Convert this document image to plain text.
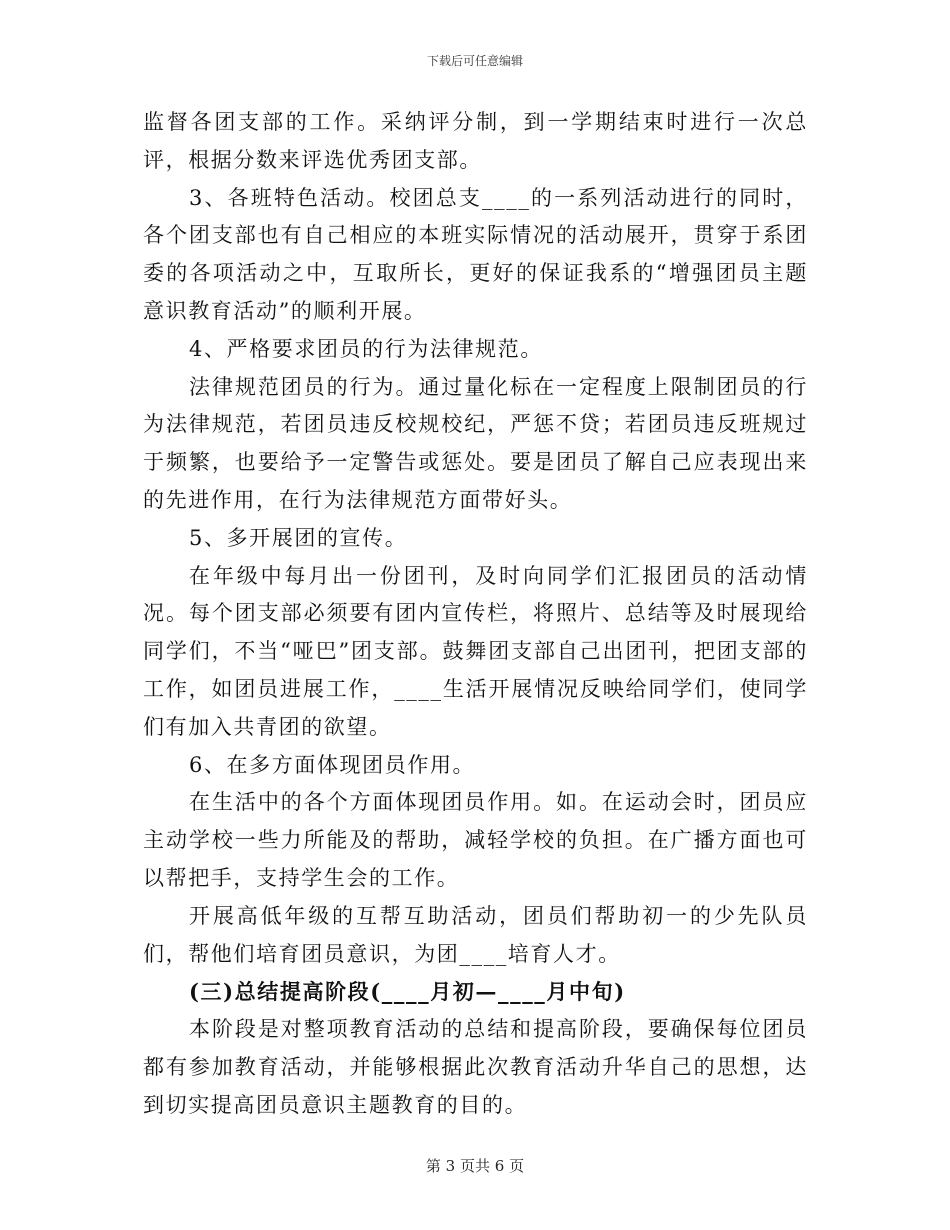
下载后可任意编辑

监督各团支部的工作。采纳评分制，到一学期结束时进行一次总评，根据分数来评选优秀团支部。

3、各班特色活动。校团总支____的一系列活动进行的同时，各个团支部也有自己相应的本班实际情况的活动展开，贯穿于系团委的各项活动之中，互取所长，更好的保证我系的“增强团员主题意识教育活动”的顺利开展。

4、严格要求团员的行为法律规范。

法律规范团员的行为。通过量化标在一定程度上限制团员的行为法律规范，若团员违反校规校纪，严惩不贷；若团员违反班规过于频繁，也要给予一定警告或惩处。要是团员了解自己应表现出来的先进作用，在行为法律规范方面带好头。

5、多开展团的宣传。

在年级中每月出一份团刊，及时向同学们汇报团员的活动情况。每个团支部必须要有团内宣传栏，将照片、总结等及时展现给同学们，不当“哑巴”团支部。鼓舞团支部自己出团刊，把团支部的工作，如团员进展工作，____生活开展情况反映给同学们，使同学们有加入共青团的欲望。

6、在多方面体现团员作用。

在生活中的各个方面体现团员作用。如。在运动会时，团员应主动学校一些力所能及的帮助，减轻学校的负担。在广播方面也可以帮把手，支持学生会的工作。

开展高低年级的互帮互助活动，团员们帮助初一的少先队员们，帮他们培育团员意识，为团____培育人才。

(三)总结提高阶段(____月初—____月中旬)

本阶段是对整项教育活动的总结和提高阶段，要确保每位团员都有参加教育活动，并能够根据此次教育活动升华自己的思想，达到切实提高团员意识主题教育的目的。

第 3 页共 6 页
